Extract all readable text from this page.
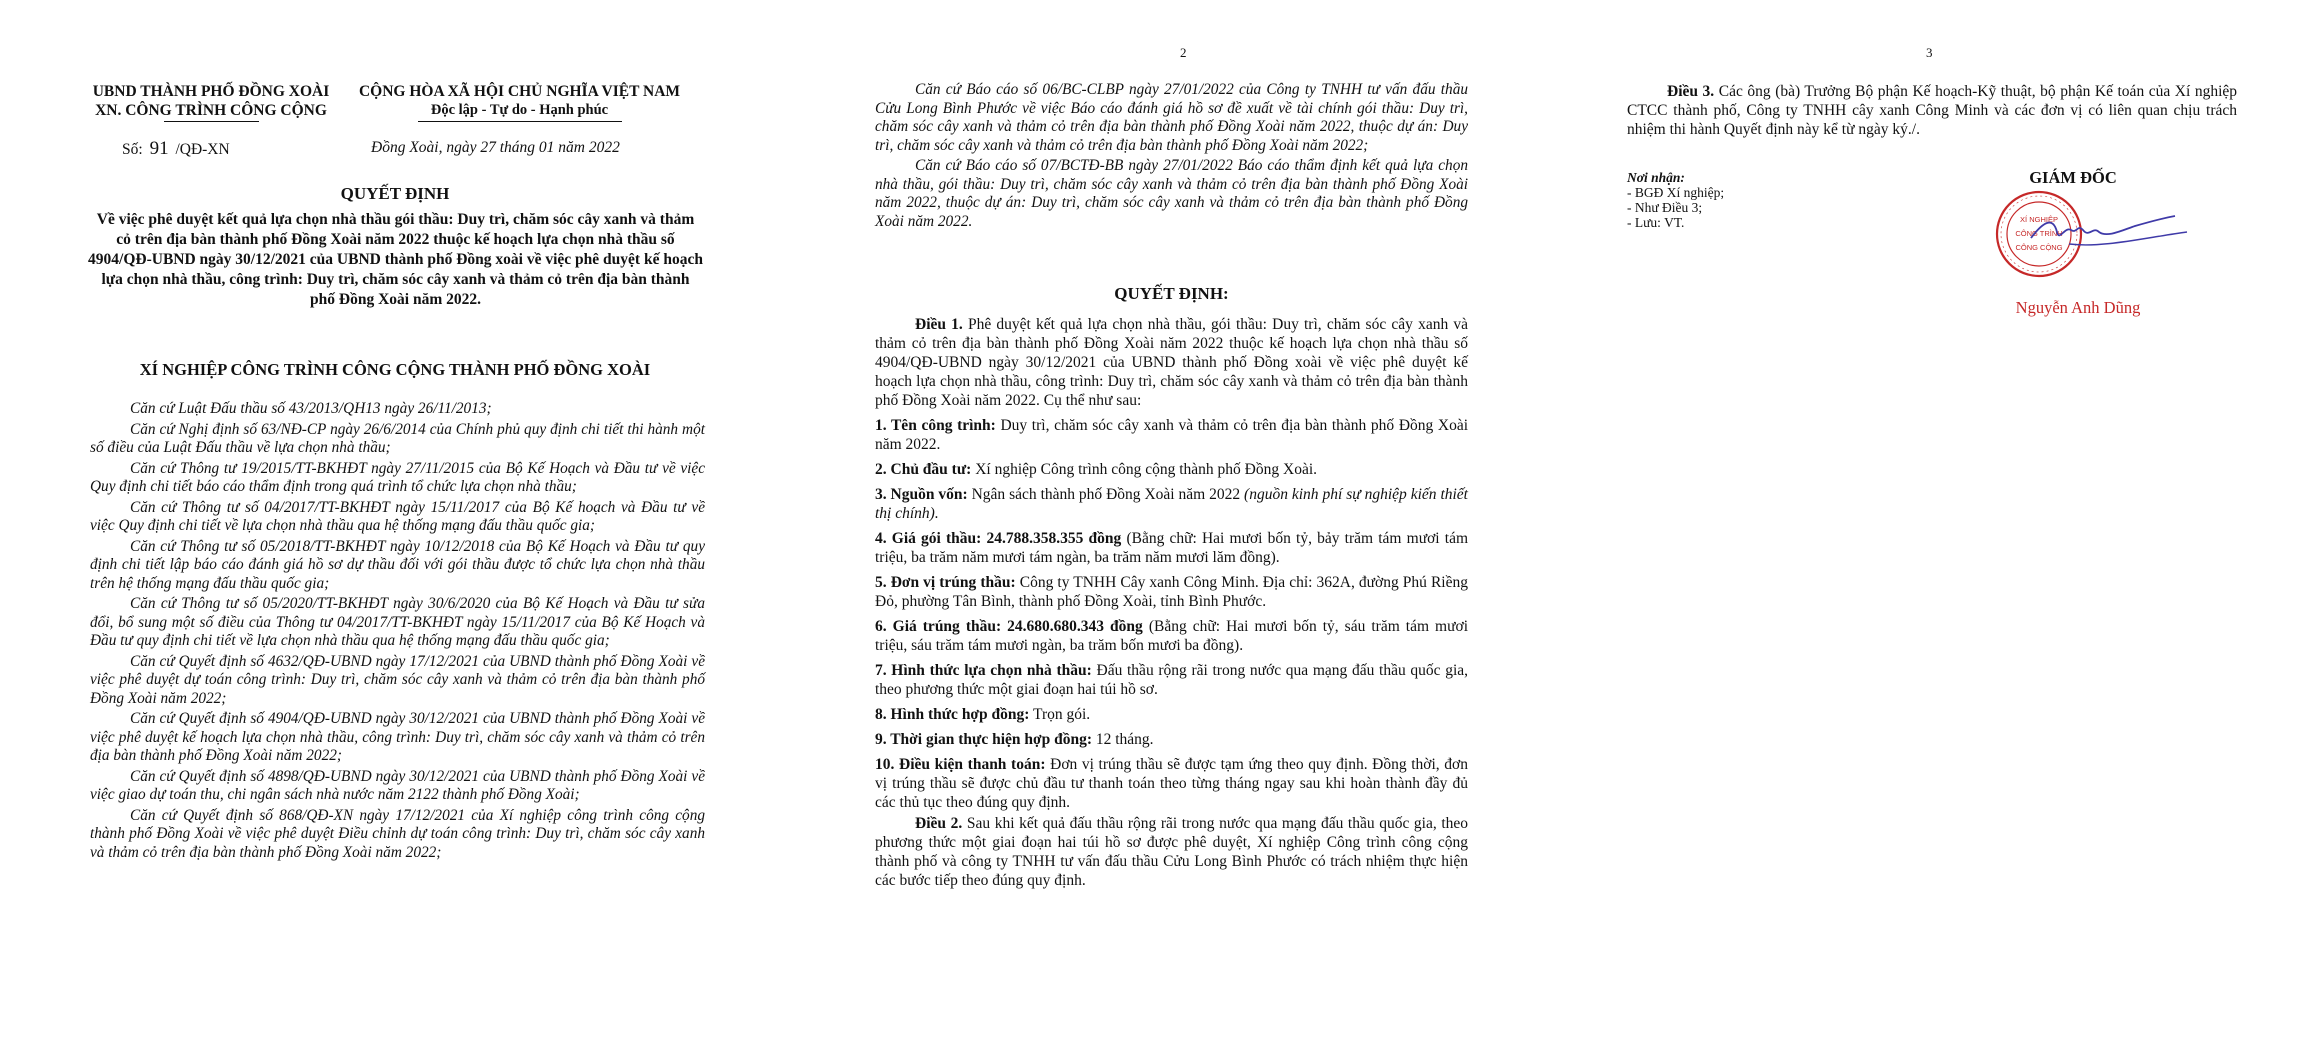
UBND THÀNH PHỐ ĐỒNG XOÀI
XN. CÔNG TRÌNH CÔNG CỘNG
CỘNG HÒA XÃ HỘI CHỦ NGHĨA VIỆT NAM
Độc lập - Tự do - Hạnh phúc
Số: 91 /QĐ-XN	Đồng Xoài, ngày 27 tháng 01 năm 2022
QUYẾT ĐỊNH
Về việc phê duyệt kết quả lựa chọn nhà thầu gói thầu: Duy trì, chăm sóc cây xanh và thảm cỏ trên địa bàn thành phố Đồng Xoài năm 2022 thuộc kế hoạch lựa chọn nhà thầu số 4904/QĐ-UBND ngày 30/12/2021 của UBND thành phố Đồng xoài về việc phê duyệt kế hoạch lựa chọn nhà thầu, công trình: Duy trì, chăm sóc cây xanh và thảm cỏ trên địa bàn thành phố Đồng Xoài năm 2022.
XÍ NGHIỆP CÔNG TRÌNH CÔNG CỘNG THÀNH PHỐ ĐỒNG XOÀI

Căn cứ Luật Đấu thầu số 43/2013/QH13 ngày 26/11/2013;

Căn cứ Nghị định số 63/NĐ-CP ngày 26/6/2014 của Chính phủ quy định chi tiết thi hành một số điều của Luật Đấu thầu về lựa chọn nhà thầu;

Căn cứ Thông tư 19/2015/TT-BKHĐT ngày 27/11/2015 của Bộ Kế Hoạch và Đầu tư về việc Quy định chi tiết báo cáo thẩm định trong quá trình tổ chức lựa chọn nhà thầu;

Căn cứ Thông tư số 04/2017/TT-BKHĐT ngày 15/11/2017 của Bộ Kế hoạch và Đầu tư về việc Quy định chi tiết về lựa chọn nhà thầu qua hệ thống mạng đấu thầu quốc gia;

Căn cứ Thông tư số 05/2018/TT-BKHĐT ngày 10/12/2018 của Bộ Kế Hoạch và Đầu tư quy định chi tiết lập báo cáo đánh giá hồ sơ dự thầu đối với gói thầu được tổ chức lựa chọn nhà thầu trên hệ thống mạng đấu thầu quốc gia;

Căn cứ Thông tư số 05/2020/TT-BKHĐT ngày 30/6/2020 của Bộ Kế Hoạch và Đầu tư sửa đổi, bổ sung một số điều của Thông tư 04/2017/TT-BKHĐT ngày 15/11/2017 của Bộ Kế Hoạch và Đầu tư quy định chi tiết về lựa chọn nhà thầu qua hệ thống mạng đấu thầu quốc gia;

Căn cứ Quyết định số 4632/QĐ-UBND ngày 17/12/2021 của UBND thành phố Đồng Xoài về việc phê duyệt dự toán công trình: Duy trì, chăm sóc cây xanh và thảm cỏ trên địa bàn thành phố Đồng Xoài năm 2022;

Căn cứ Quyết định số 4904/QĐ-UBND ngày 30/12/2021 của UBND thành phố Đồng Xoài về việc phê duyệt kế hoạch lựa chọn nhà thầu, công trình: Duy trì, chăm sóc cây xanh và thảm cỏ trên địa bàn thành phố Đồng Xoài năm 2022;

Căn cứ Quyết định số 4898/QĐ-UBND ngày 30/12/2021 của UBND thành phố Đồng Xoài về việc giao dự toán thu, chi ngân sách nhà nước năm 2122 thành phố Đồng Xoài;

Căn cứ Quyết định số 868/QĐ-XN ngày 17/12/2021 của Xí nghiệp công trình công cộng thành phố Đồng Xoài về việc phê duyệt Điều chỉnh dự toán công trình: Duy trì, chăm sóc cây xanh và thảm cỏ trên địa bàn thành phố Đồng Xoài năm 2022;

2

Căn cứ Báo cáo số 06/BC-CLBP ngày 27/01/2022 của Công ty TNHH tư vấn đấu thầu Cửu Long Bình Phước về việc Báo cáo đánh giá hồ sơ đề xuất về tài chính gói thầu: Duy trì, chăm sóc cây xanh và thảm cỏ trên địa bàn thành phố Đồng Xoài năm 2022, thuộc dự án: Duy trì, chăm sóc cây xanh và thảm cỏ trên địa bàn thành phố Đồng Xoài năm 2022;

Căn cứ Báo cáo số 07/BCTĐ-BB ngày 27/01/2022 Báo cáo thẩm định kết quả lựa chọn nhà thầu, gói thầu: Duy trì, chăm sóc cây xanh và thảm cỏ trên địa bàn thành phố Đồng Xoài năm 2022, thuộc dự án: Duy trì, chăm sóc cây xanh và thảm cỏ trên địa bàn thành phố Đồng Xoài năm 2022.

QUYẾT ĐỊNH:

Điều 1. Phê duyệt kết quả lựa chọn nhà thầu, gói thầu: Duy trì, chăm sóc cây xanh và thảm cỏ trên địa bàn thành phố Đồng Xoài năm 2022 thuộc kế hoạch lựa chọn nhà thầu số 4904/QĐ-UBND ngày 30/12/2021 của UBND thành phố Đồng xoài về việc phê duyệt kế hoạch lựa chọn nhà thầu, công trình: Duy trì, chăm sóc cây xanh và thảm cỏ trên địa bàn thành phố Đồng Xoài năm 2022. Cụ thể như sau:

1. Tên công trình: Duy trì, chăm sóc cây xanh và thảm cỏ trên địa bàn thành phố Đồng Xoài năm 2022.

2. Chủ đầu tư: Xí nghiệp Công trình công cộng thành phố Đồng Xoài.

3. Nguồn vốn: Ngân sách thành phố Đồng Xoài năm 2022 (nguồn kinh phí sự nghiệp kiến thiết thị chính).

4. Giá gói thầu: 24.788.358.355 đồng (Bằng chữ: Hai mươi bốn tỷ, bảy trăm tám mươi tám triệu, ba trăm năm mươi tám ngàn, ba trăm năm mươi lăm đồng).

5. Đơn vị trúng thầu: Công ty TNHH Cây xanh Công Minh. Địa chỉ: 362A, đường Phú Riềng Đỏ, phường Tân Bình, thành phố Đồng Xoài, tỉnh Bình Phước.

6. Giá trúng thầu: 24.680.680.343 đồng (Bằng chữ: Hai mươi bốn tỷ, sáu trăm tám mươi triệu, sáu trăm tám mươi ngàn, ba trăm bốn mươi ba đồng).

7. Hình thức lựa chọn nhà thầu: Đấu thầu rộng rãi trong nước qua mạng đấu thầu quốc gia, theo phương thức một giai đoạn hai túi hồ sơ.

8. Hình thức hợp đồng: Trọn gói.

9. Thời gian thực hiện hợp đồng: 12 tháng.

10. Điều kiện thanh toán: Đơn vị trúng thầu sẽ được tạm ứng theo quy định. Đồng thời, đơn vị trúng thầu sẽ được chủ đầu tư thanh toán theo từng tháng ngay sau khi hoàn thành đầy đủ các thủ tục theo đúng quy định.

Điều 2. Sau khi kết quả đấu thầu rộng rãi trong nước qua mạng đấu thầu quốc gia, theo phương thức một giai đoạn hai túi hồ sơ được phê duyệt, Xí nghiệp Công trình công cộng thành phố và công ty TNHH tư vấn đấu thầu Cửu Long Bình Phước có trách nhiệm thực hiện các bước tiếp theo đúng quy định.

3

Điều 3. Các ông (bà) Trưởng Bộ phận Kế hoạch-Kỹ thuật, bộ phận Kế toán của Xí nghiệp CTCC thành phố, Công ty TNHH cây xanh Công Minh và các đơn vị có liên quan chịu trách nhiệm thi hành Quyết định này kể từ ngày ký./.

Nơi nhận:
- BGĐ Xí nghiệp;
- Như Điều 3;
- Lưu: VT.
GIÁM ĐỐC
XÍ NGHIỆP
CÔNG TRÌNH
CÔNG CỘNG
Nguyễn Anh Dũng
